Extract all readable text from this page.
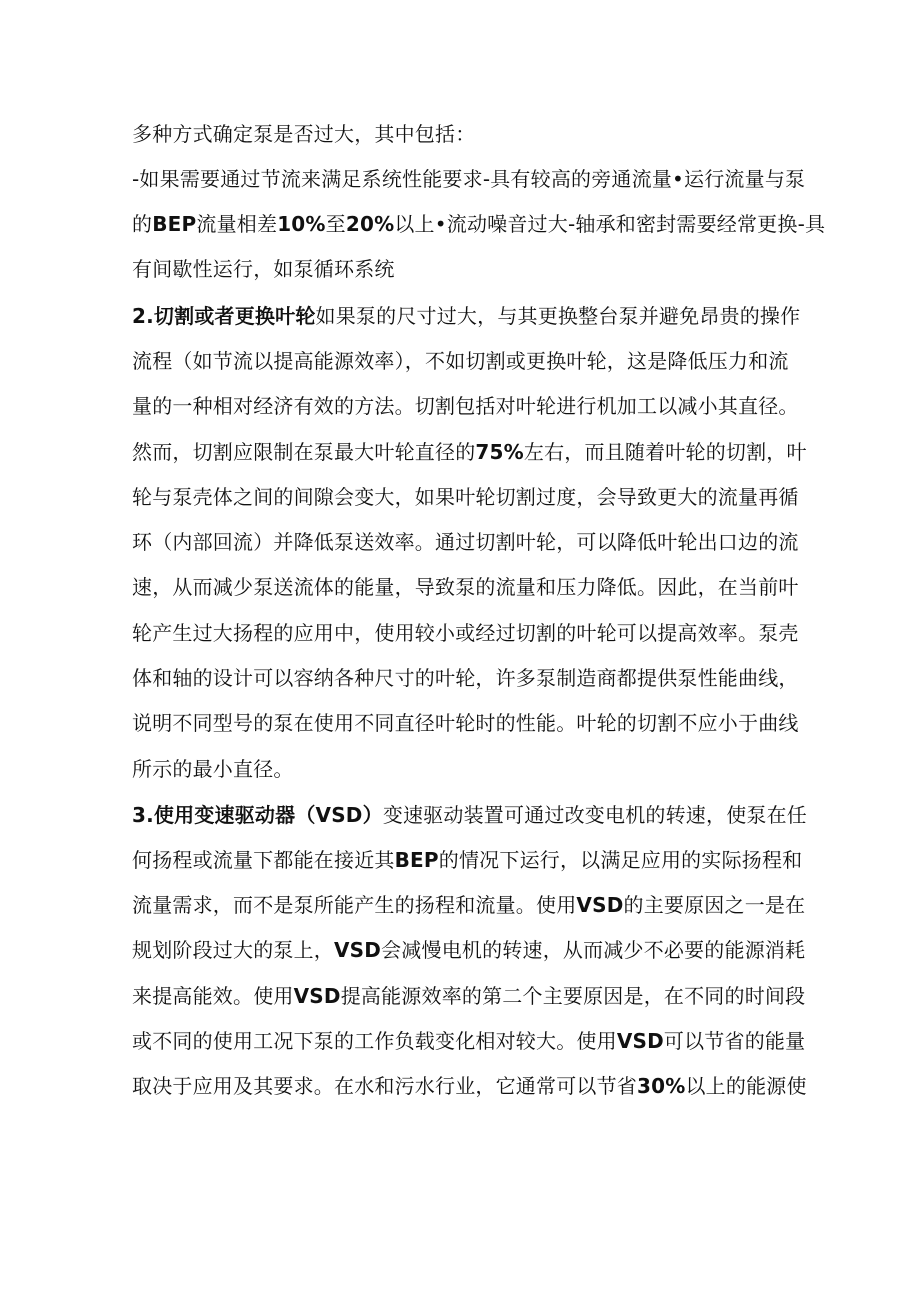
多种方式确定泵是否过大，其中包括：
-如果需要通过节流来满足系统性能要求-具有较高的旁通流量•运行流量与泵
的BEP流量相差10%至20%以上•流动噪音过大-轴承和密封需要经常更换-具
有间歇性运行，如泵循环系统
2.切割或者更换叶轮如果泵的尺寸过大，与其更换整台泵并避免昂贵的操作
流程（如节流以提高能源效率），不如切割或更换叶轮，这是降低压力和流
量的一种相对经济有效的方法。切割包括对叶轮进行机加工以减小其直径。
然而，切割应限制在泵最大叶轮直径的75%左右，而且随着叶轮的切割，叶
轮与泵壳体之间的间隙会变大，如果叶轮切割过度，会导致更大的流量再循
环（内部回流）并降低泵送效率。通过切割叶轮，可以降低叶轮出口边的流
速，从而减少泵送流体的能量，导致泵的流量和压力降低。因此，在当前叶
轮产生过大扬程的应用中，使用较小或经过切割的叶轮可以提高效率。泵壳
体和轴的设计可以容纳各种尺寸的叶轮，许多泵制造商都提供泵性能曲线，
说明不同型号的泵在使用不同直径叶轮时的性能。叶轮的切割不应小于曲线
所示的最小直径。
3.使用变速驱动器（VSD）变速驱动装置可通过改变电机的转速，使泵在任
何扬程或流量下都能在接近其BEP的情况下运行，以满足应用的实际扬程和
流量需求，而不是泵所能产生的扬程和流量。使用VSD的主要原因之一是在
规划阶段过大的泵上，VSD会减慢电机的转速，从而减少不必要的能源消耗
来提高能效。使用VSD提高能源效率的第二个主要原因是，在不同的时间段
或不同的使用工况下泵的工作负载变化相对较大。使用VSD可以节省的能量
取决于应用及其要求。在水和污水行业，它通常可以节省30%以上的能源使
